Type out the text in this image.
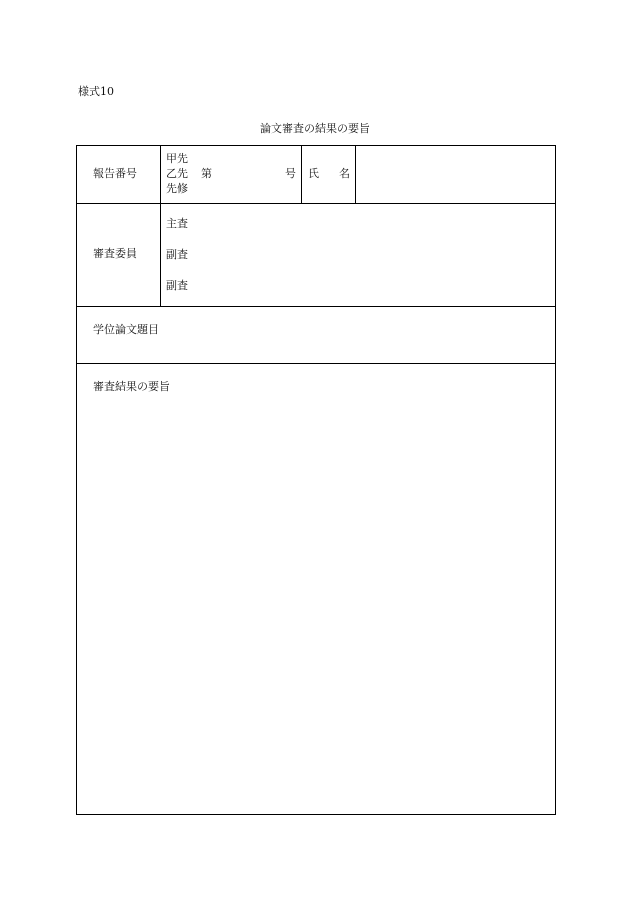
様式10
論文審査の結果の要旨
報告番号
甲先
乙先
先修
第	号 氏 名
審査委員
主査
副査
副査
学位論文題目
審査結果の要旨
